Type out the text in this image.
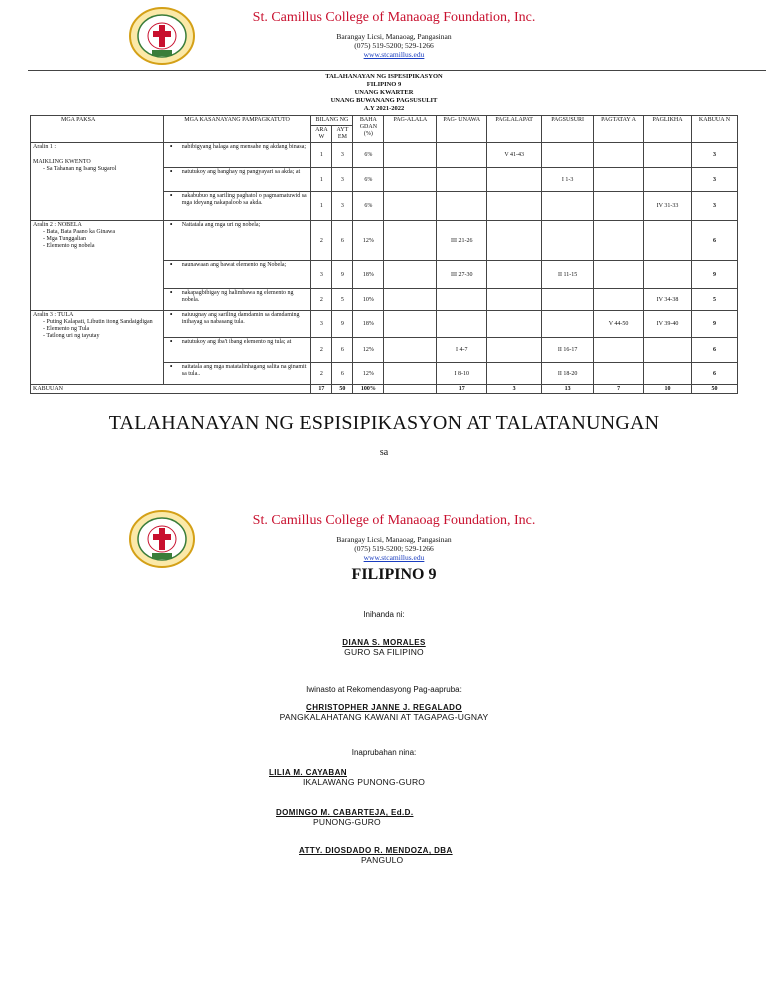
St. Camillus College of Manaoag Foundation, Inc.
Barangay Licsi, Manaoag, Pangasinan
(075) 519-5200; 529-1266
www.stcamillus.edu
TALAHANAYAN NG ISPESIPIKASYON
FILIPINO 9
UNANG KWARTER
UNANG BUWANANG PAGSUSULIT
A.Y 2021-2022
MGA PAKSA	MGA KASANAYANG PAMPAGKATUTO	BILANG NG		BAHA GDAN (%)	PAG-ALALA	PAG- UNAWA	PAGLALAPAT	PAGSUSURI	PAGTATAY A	PAGLIKHA	KABUUA N
		ARA W	AYT EM								

Aralin 1 :
MAIKLING KWENTO
- Sa Tahanan ng Isang Sugarol	• nabibigyang halaga ang mensahe ng akdang binasa;	1	3	6%			V 41-43				3

	• natutukoy ang banghay ng pangyayari sa akda; at	1	3	6%				I 1-3			3

	• nakabubuo ng sariling paghatol o pagmamatuwid sa mga ideyang nakapaloob sa akda.	1	3	6%						IV 31-33	3

Aralin 2 : NOBELA
- Bata, Bata Paano ka Ginawa
- Mga Tunggalian
- Elemento ng nobela	• Naitatala ang mga uri ng nobela;	2	6	12%		III 21-26					6

	• naunawaan ang bawat elemento ng Nobela;	3	9	18%		III 27-30		II 11-15			9

	• nakapagbibigay ng halimbawa ng elemento ng nobela.	2	5	10%						IV 34-38	5

Aralin 3 : TULA
- Puting Kalapati, Libutin itong Sandaigdigan
- Elemento ng Tula
- Tatlong uri ng tayutay	• naiuugnay ang sariling damdamin sa damdaming inihayag sa nabasang tula.	3	9	18%					V 44-50	IV 39-40	9

	• natutukoy ang iba't ibang elemento ng tula; at	2	6	12%		I 4-7		II 16-17			6

	• naitatala ang mga matatalinhagang salita na ginamit sa tula..	2	6	12%		I 8-10		II 18-20			6
KABUUAN		17	50	100%		17	3	13	7	10	50
TALAHANAYAN NG ESPISIPIKASYON AT TALATANUNGAN
sa
St. Camillus College of Manaoag Foundation, Inc.
Barangay Licsi, Manaoag, Pangasinan
(075) 519-5200; 529-1266
www.stcamillus.edu
FILIPINO 9
Inihanda ni:
DIANA S. MORALES
GURO SA FILIPINO
Iwinasto at Rekomendasyong Pag-aapruba:
CHRISTOPHER JANNE J. REGALADO
PANGKALAHATANG KAWANI AT TAGAPAG-UGNAY
Inaprubahan nina:
LILIA M. CAYABAN
IKALAWANG PUNONG-GURO
DOMINGO M. CABARTEJA, Ed.D.
PUNONG-GURO
ATTY. DIOSDADO R. MENDOZA, DBA
PANGULO
